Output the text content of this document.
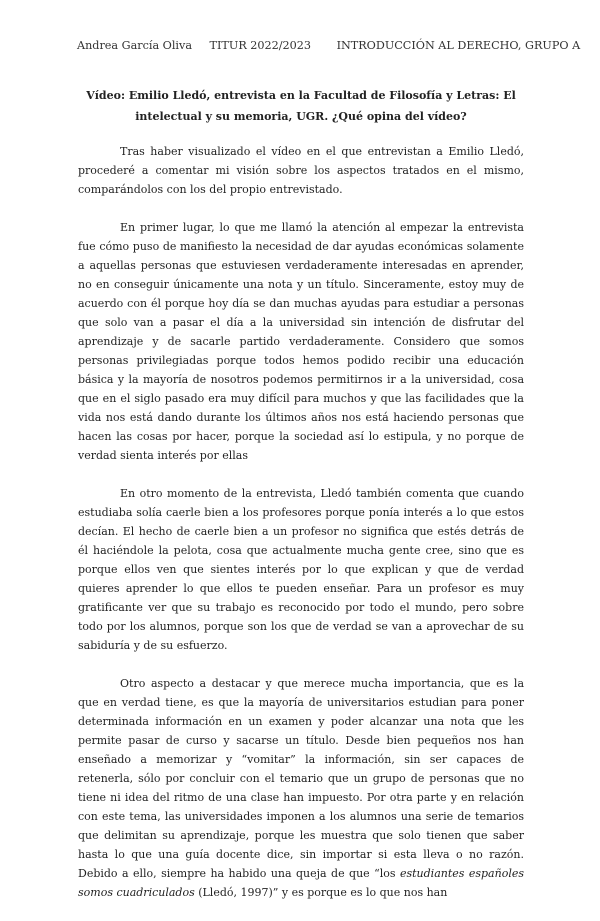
Andrea García Oliva TITUR 2022/2023 INTRODUCCIÓN AL DERECHO, GRUPO A
Vídeo: Emilio Lledó, entrevista en la Facultad de Filosofía y Letras: El intelectual y su memoria, UGR. ¿Qué opina del vídeo?

Tras haber visualizado el vídeo en el que entrevistan a Emilio Lledó, procederé a comentar mi visión sobre los aspectos tratados en el mismo, comparándolos con los del propio entrevistado.

En primer lugar, lo que me llamó la atención al empezar la entrevista fue cómo puso de manifiesto la necesidad de dar ayudas económicas solamente a aquellas personas que estuviesen verdaderamente interesadas en aprender, no en conseguir únicamente una nota y un título. Sinceramente, estoy muy de acuerdo con él porque hoy día se dan muchas ayudas para estudiar a personas que solo van a pasar el día a la universidad sin intención de disfrutar del aprendizaje y de sacarle partido verdaderamente. Considero que somos personas privilegiadas porque todos hemos podido recibir una educación básica y la mayoría de nosotros podemos permitirnos ir a la universidad, cosa que en el siglo pasado era muy difícil para muchos y que las facilidades que la vida nos está dando durante los últimos años nos está haciendo personas que hacen las cosas por hacer, porque la sociedad así lo estipula, y no porque de verdad sienta interés por ellas

En otro momento de la entrevista, Lledó también comenta que cuando estudiaba solía caerle bien a los profesores porque ponía interés a lo que estos decían. El hecho de caerle bien a un profesor no significa que estés detrás de él haciéndole la pelota, cosa que actualmente mucha gente cree, sino que es porque ellos ven que sientes interés por lo que explican y que de verdad quieres aprender lo que ellos te pueden enseñar. Para un profesor es muy gratificante ver que su trabajo es reconocido por todo el mundo, pero sobre todo por los alumnos, porque son los que de verdad se van a aprovechar de su sabiduría y de su esfuerzo.

Otro aspecto a destacar y que merece mucha importancia, que es la que en verdad tiene, es que la mayoría de universitarios estudian para poner determinada información en un examen y poder alcanzar una nota que les permite pasar de curso y sacarse un título. Desde bien pequeños nos han enseñado a memorizar y “vomitar” la información, sin ser capaces de retenerla, sólo por concluir con el temario que un grupo de personas que no tiene ni idea del ritmo de una clase han impuesto. Por otra parte y en relación con este tema, las universidades imponen a los alumnos una serie de temarios que delimitan su aprendizaje, porque les muestra que solo tienen que saber hasta lo que una guía docente dice, sin importar si esta lleva o no razón. Debido a ello, siempre ha habido una queja de que “los estudiantes españoles somos cuadriculados (Lledó, 1997)” y es porque es lo que nos han
